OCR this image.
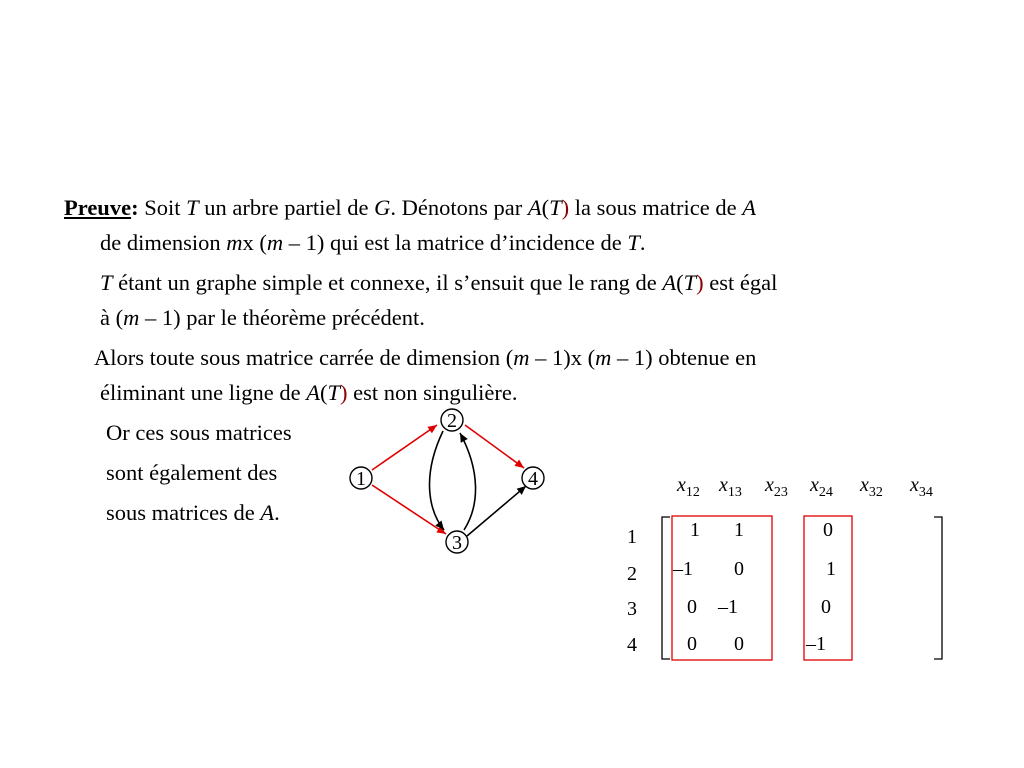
Preuve: Soit T un arbre partiel de G. Dénotons par A(T) la sous matrice de A
de dimension mx (m – 1) qui est la matrice d’incidence de T.
T étant un graphe simple et connexe, il s’ensuit que le rang de A(T) est égal
à (m – 1) par le théorème précédent.
Alors toute sous matrice carrée de dimension (m – 1)x (m – 1) obtenue en
éliminant une ligne de A(T) est non singulière.
Or ces sous matrices
sont également des
sous matrices de A.
1
2
3
4	$x_{12}$ $x_{13}$ $x_{23}$ $x_{24}$ $x_{32}$ $x_{34}$
1
2
3
4
1
–1
0
0
1
0
–1
0
0
1
0
–1
